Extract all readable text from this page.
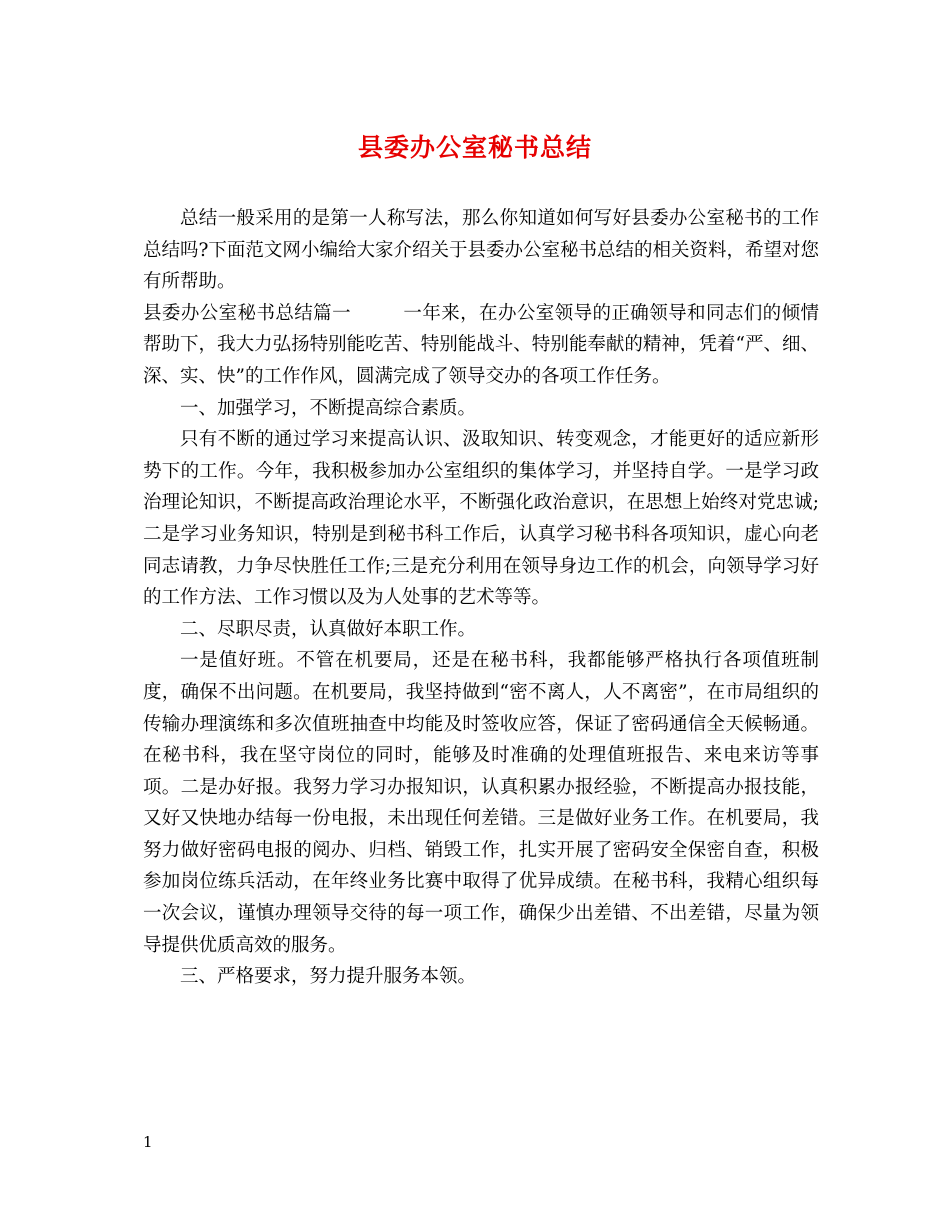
县委办公室秘书总结

总结一般采用的是第一人称写法，那么你知道如何写好县委办公室秘书的工作总结吗?下面范文网小编给大家介绍关于县委办公室秘书总结的相关资料，希望对您有所帮助。

县委办公室秘书总结篇一	一年来，在办公室领导的正确领导和同志们的倾情帮助下，我大力弘扬特别能吃苦、特别能战斗、特别能奉献的精神，凭着“严、细、深、实、快”的工作作风，圆满完成了领导交办的各项工作任务。

一、加强学习，不断提高综合素质。

只有不断的通过学习来提高认识、汲取知识、转变观念，才能更好的适应新形势下的工作。今年，我积极参加办公室组织的集体学习，并坚持自学。一是学习政治理论知识，不断提高政治理论水平，不断强化政治意识，在思想上始终对党忠诚;二是学习业务知识，特别是到秘书科工作后，认真学习秘书科各项知识，虚心向老同志请教，力争尽快胜任工作;三是充分利用在领导身边工作的机会，向领导学习好的工作方法、工作习惯以及为人处事的艺术等等。

二、尽职尽责，认真做好本职工作。

一是值好班。不管在机要局，还是在秘书科，我都能够严格执行各项值班制度，确保不出问题。在机要局，我坚持做到“密不离人，人不离密”，在市局组织的传输办理演练和多次值班抽查中均能及时签收应答，保证了密码通信全天候畅通。在秘书科，我在坚守岗位的同时，能够及时准确的处理值班报告、来电来访等事项。二是办好报。我努力学习办报知识，认真积累办报经验，不断提高办报技能，又好又快地办结每一份电报，未出现任何差错。三是做好业务工作。在机要局，我努力做好密码电报的阅办、归档、销毁工作，扎实开展了密码安全保密自查，积极参加岗位练兵活动，在年终业务比赛中取得了优异成绩。在秘书科，我精心组织每一次会议，谨慎办理领导交待的每一项工作，确保少出差错、不出差错，尽量为领导提供优质高效的服务。

三、严格要求，努力提升服务本领。

1
